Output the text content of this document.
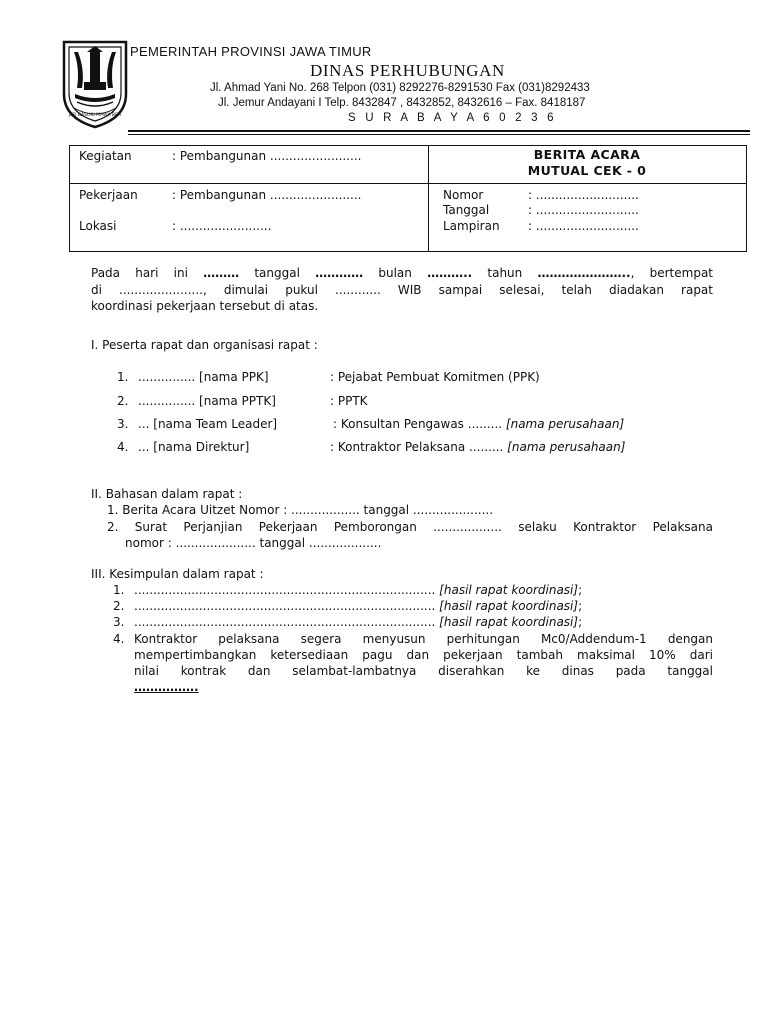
JER BASUKI MAWA BEA
PEMERINTAH PROVINSI JAWA TIMUR
DINAS PERHUBUNGAN
Jl. Ahmad Yani No. 268 Telpon (031) 8292276-8291530 Fax (031)8292433
Jl. Jemur Andayani I Telp. 8432847 , 8432852, 8432616 – Fax. 8418187
S U R A B A Y A 6 0 2 3 6
Kegiatan	: Pembangunan ........................	BERITA ACARA
MUTUAL CEK - 0
Pekerjaan	: Pembangunan ........................
Lokasi	: ........................
Nomor	: ...........................
Tanggal	: ...........................
Lampiran : ...........................
Pada hari ini ……… tanggal ………… bulan ……….. tahun ………………….., bertempat
di ......................, dimulai pukul ............ WIB sampai selesai, telah diadakan rapat
koordinasi pekerjaan tersebut di atas.
I. Peserta rapat dan organisasi rapat :
1. ............... [nama PPK]	: Pejabat Pembuat Komitmen (PPK)
2. ............... [nama PPTK]	: PPTK
3. ... [nama Team Leader]	: Konsultan Pengawas ......... [nama perusahaan]
4. ... [nama Direktur]	: Kontraktor Pelaksana ......... [nama perusahaan]
II. Bahasan dalam rapat :
1. Berita Acara Uitzet Nomor : .................. tanggal .....................
2. Surat Perjanjian Pekerjaan Pemborongan .................. selaku Kontraktor Pelaksana
nomor : ..................... tanggal ...................
III. Kesimpulan dalam rapat :
1. ............................................................................... [hasil rapat koordinasi];
2. ............................................................................... [hasil rapat koordinasi];
3. ............................................................................... [hasil rapat koordinasi];
4. Kontraktor pelaksana segera menyusun perhitungan Mc0/Addendum-1 dengan
mempertimbangkan ketersediaan pagu dan pekerjaan tambah maksimal 10% dari
nilai kontrak dan selambat-lambatnya diserahkan ke dinas pada tanggal
…………….
